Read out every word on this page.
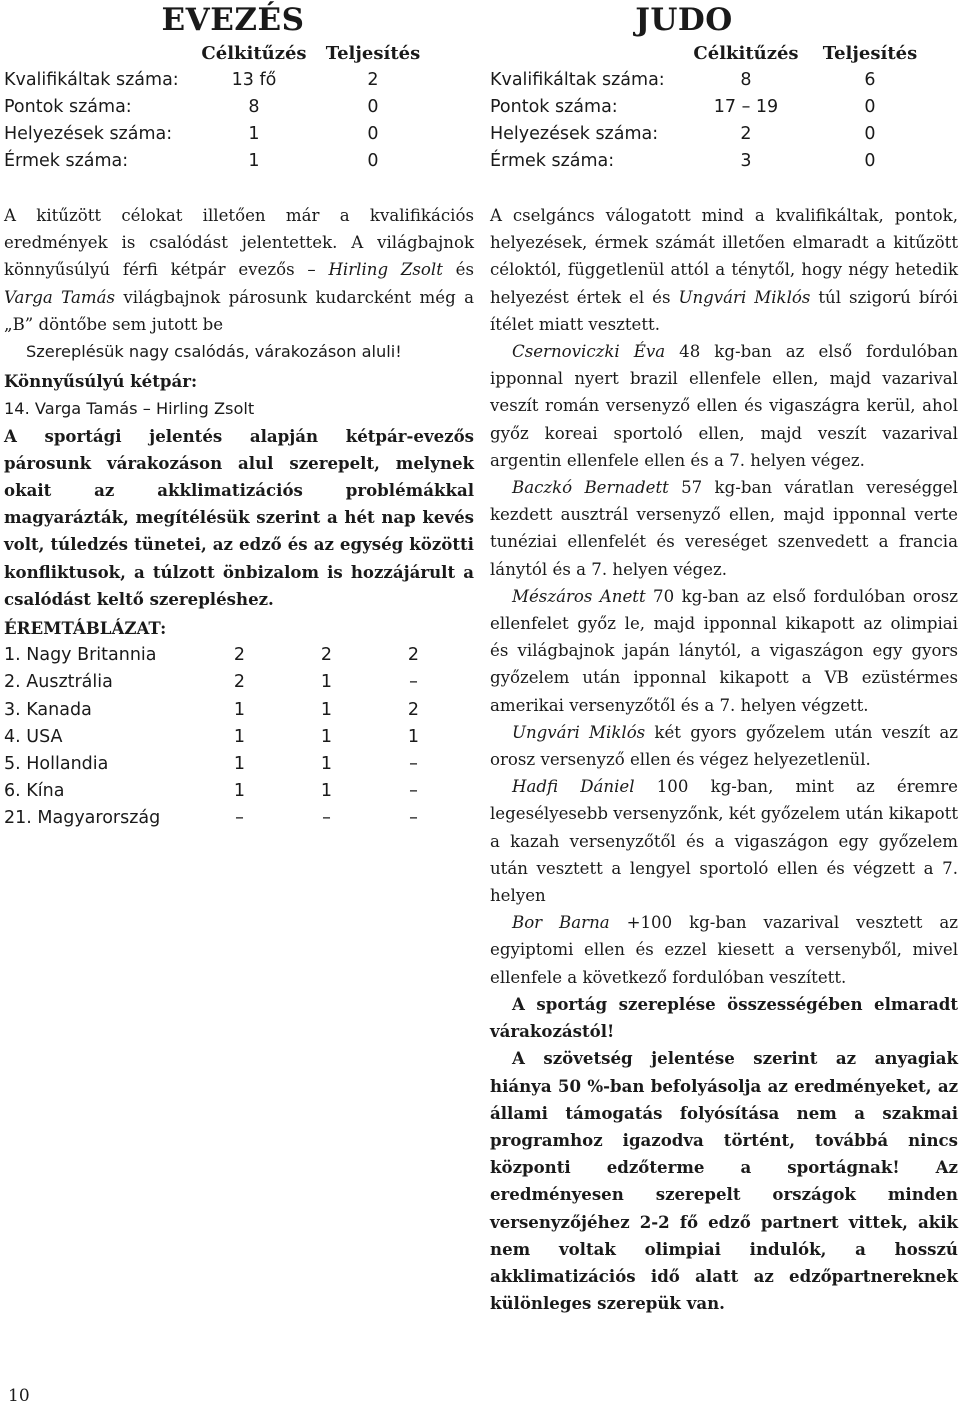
EVEZÉS
Célkitűzés	Teljesítés
Kvalifikáltak száma:	13 fő	2
Pontok száma:	8	0
Helyezések száma:	1	0
Érmek száma:	1	0

A kitűzött célokat illetően már a kvalifikációs eredmények is csalódást jelentettek. A világbajnok könnyűsúlyú férfi kétpár evezős – Hirling Zsolt és Varga Tamás világbajnok párosunk kudarcként még a „B” döntőbe sem jutott be

Szereplésük nagy csalódás, várakozáson aluli!

Könnyűsúlyú kétpár:

14. Varga Tamás – Hirling Zsolt

A sportági jelentés alapján kétpár-evezős párosunk várakozáson alul szerepelt, melynek okait az akklimatizációs problémákkal magyarázták, megítélésük szerint a hét nap kevés volt, túledzés tünetei, az edző és az egység közötti konfliktusok, a túlzott önbizalom is hozzájárult a csalódást keltő szerepléshez.

ÉREMTÁBLÁZAT:

1. Nagy Britannia	2	2	2
2. Ausztrália	2	1	–
3. Kanada	1	1	2
4. USA	1	1	1
5. Hollandia	1	1	–
6. Kína	1	1	–
21. Magyarország	–	–	–
JUDO
Célkitűzés	Teljesítés
Kvalifikáltak száma:	8	6
Pontok száma:	17 – 19	0
Helyezések száma:	2	0
Érmek száma:	3	0

A cselgáncs válogatott mind a kvalifikáltak, pontok, helyezések, érmek számát illetően elmaradt a kitűzött céloktól, függetlenül attól a ténytől, hogy négy hetedik helyezést értek el és Ungvári Miklós túl szigorú bírói ítélet miatt vesztett.

Csernoviczki Éva 48 kg-ban az első fordulóban ipponnal nyert brazil ellenfele ellen, majd vazarival veszít román versenyző ellen és vigaszágra kerül, ahol győz koreai sportoló ellen, majd veszít vazarival argentin ellenfele ellen és a 7. helyen végez.

Baczkó Bernadett 57 kg-ban váratlan vereséggel kezdett ausztrál versenyző ellen, majd ipponnal verte tunéziai ellenfelét és vereséget szenvedett a francia lánytól és a 7. helyen végez.

Mészáros Anett 70 kg-ban az első fordulóban orosz ellenfelet győz le, majd ipponnal kikapott az olimpiai és világbajnok japán lánytól, a vigaszágon egy gyors győzelem után ipponnal kikapott a VB ezüstérmes amerikai versenyzőtől és a 7. helyen végzett.

Ungvári Miklós két gyors győzelem után veszít az orosz versenyző ellen és végez helyezetlenül.

Hadfi Dániel 100 kg-ban, mint az éremre legesélyesebb versenyzőnk, két győzelem után kikapott a kazah versenyzőtől és a vigaszágon egy győzelem után vesztett a lengyel sportoló ellen és végzett a 7. helyen

Bor Barna +100 kg-ban vazarival vesztett az egyiptomi ellen és ezzel kiesett a versenyből, mivel ellenfele a következő fordulóban veszített.

A sportág szereplése összességében elmaradt várakozástól!

A szövetség jelentése szerint az anyagiak hiánya 50 %-ban befolyásolja az eredményeket, az állami támogatás folyósítása nem a szakmai programhoz igazodva történt, továbbá nincs központi edzőterme a sportágnak! Az eredményesen szerepelt országok minden versenyzőjéhez 2-2 fő edző partnert vittek, akik nem voltak olimpiai indulók, a hosszú akklimatizációs idő alatt az edzőpartnereknek különleges szerepük van.

10
